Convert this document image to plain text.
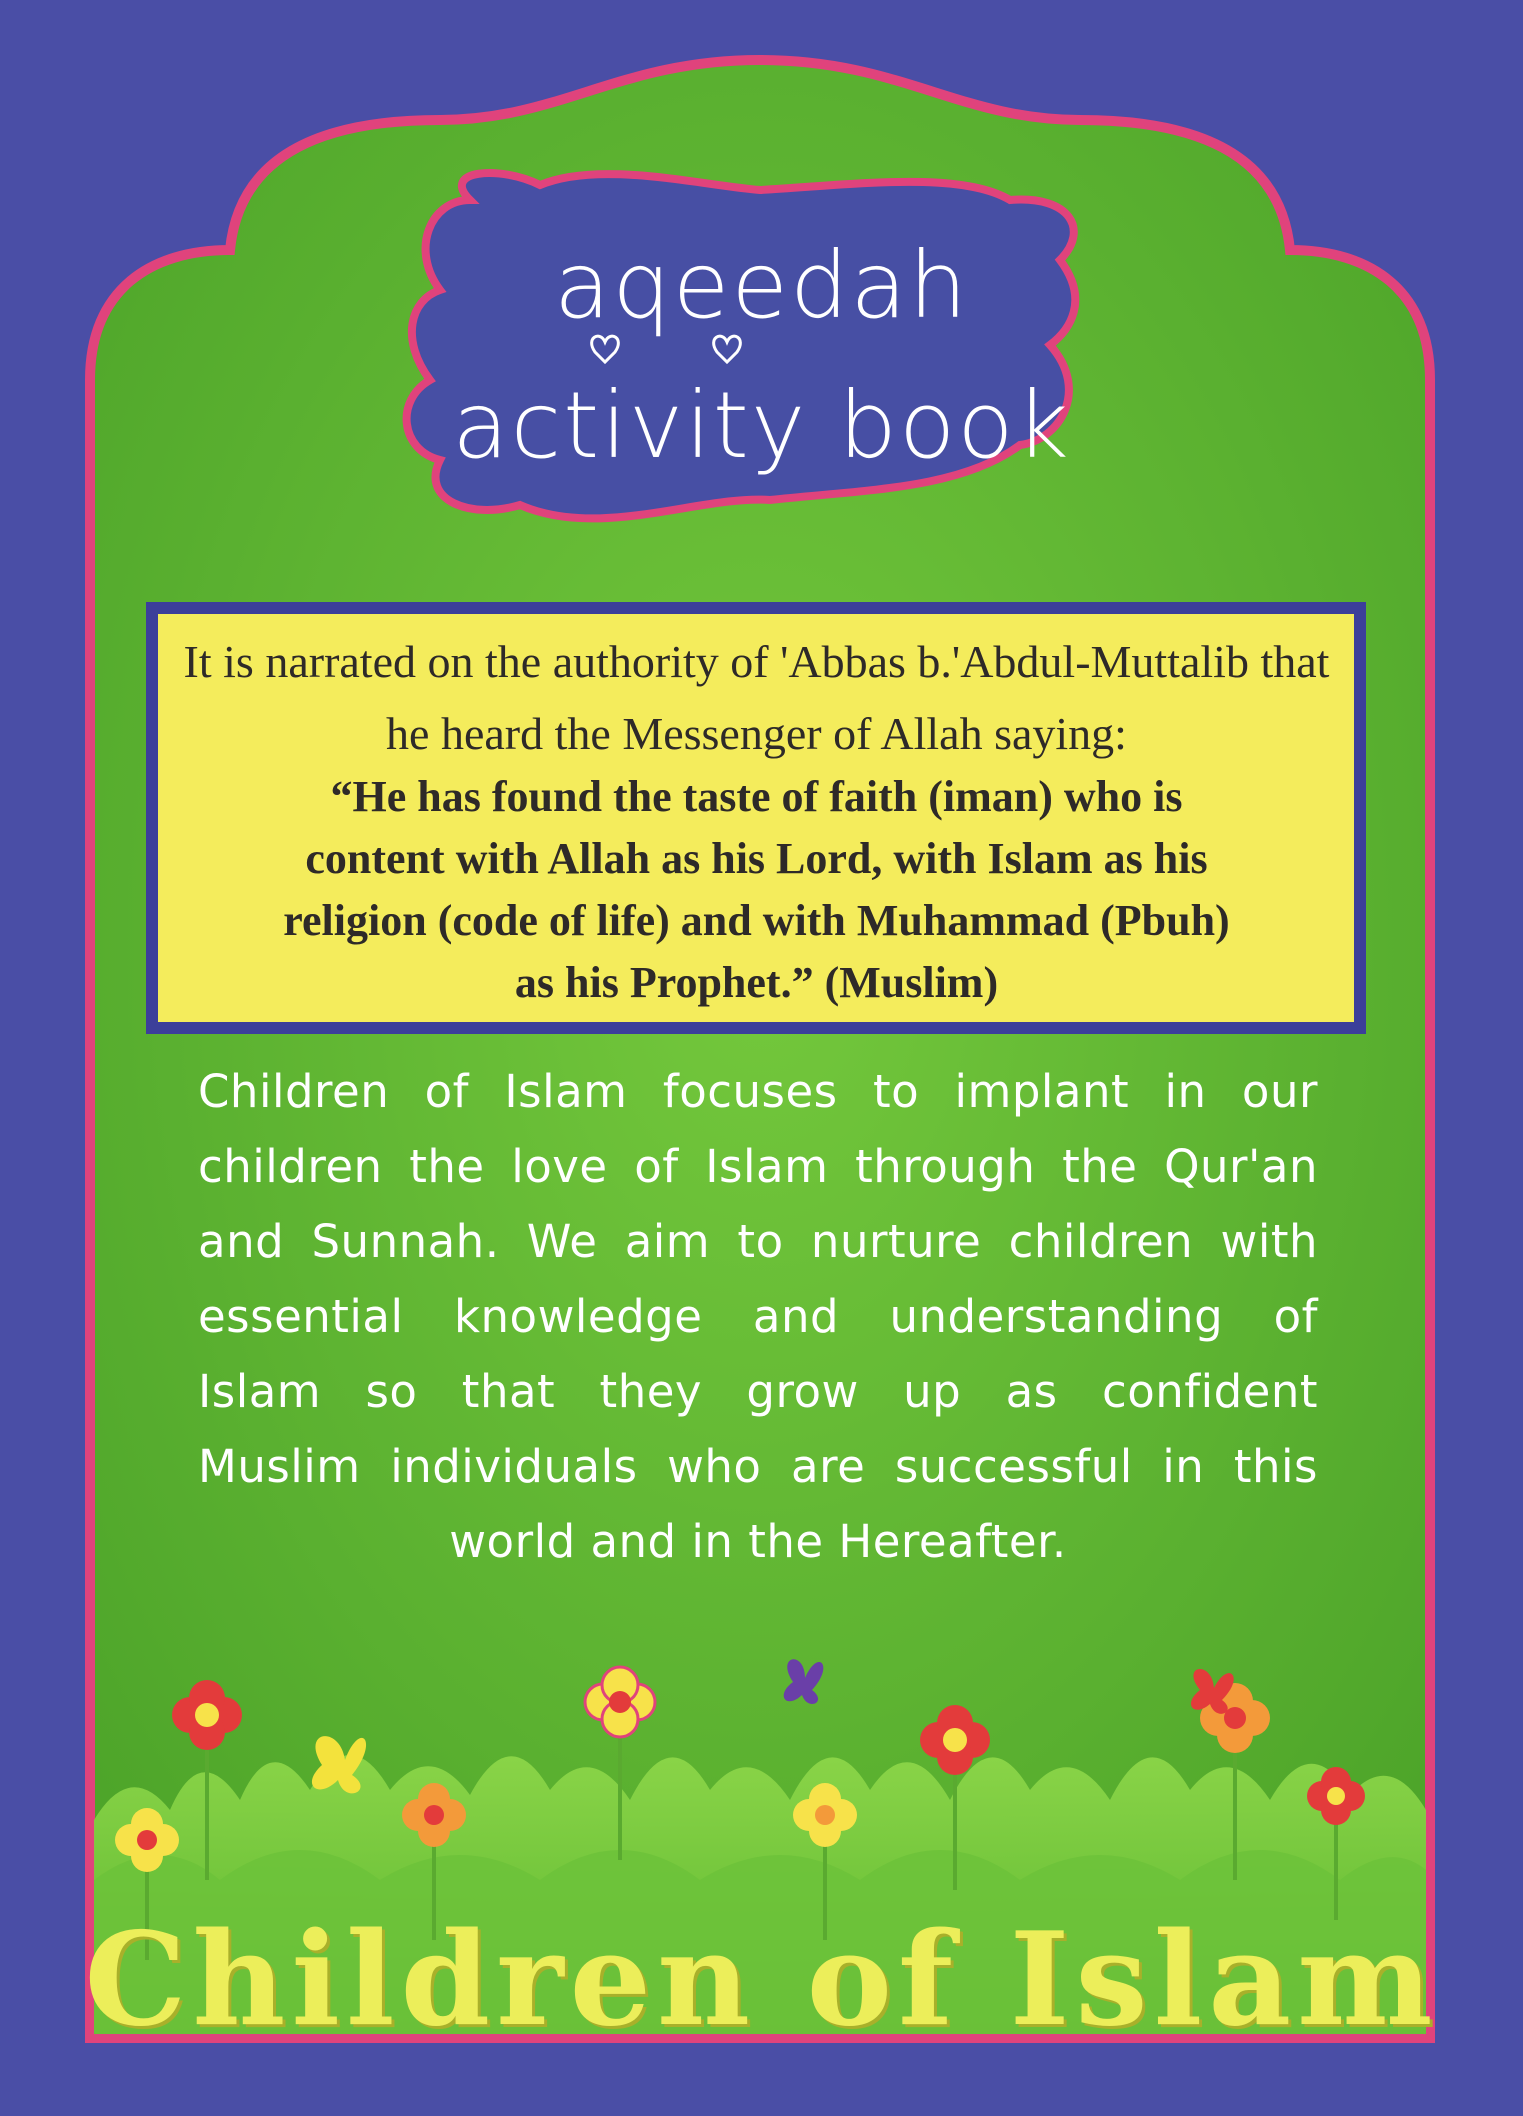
aqeedah
activity book
It is narrated on the authority of 'Abbas b.'Abdul-Muttalib that
he heard the Messenger of Allah saying:
“He has found the taste of faith (iman) who is
content with Allah as his Lord, with Islam as his
religion (code of life) and with Muhammad (Pbuh)
as his Prophet.” (Muslim)
Children of Islam focuses to implant in our
children the love of Islam through the Qur'an
and Sunnah. We aim to nurture children with
essential knowledge and understanding of
Islam so that they grow up as confident
Muslim individuals who are successful in this
world and in the Hereafter.
Children of Islam
